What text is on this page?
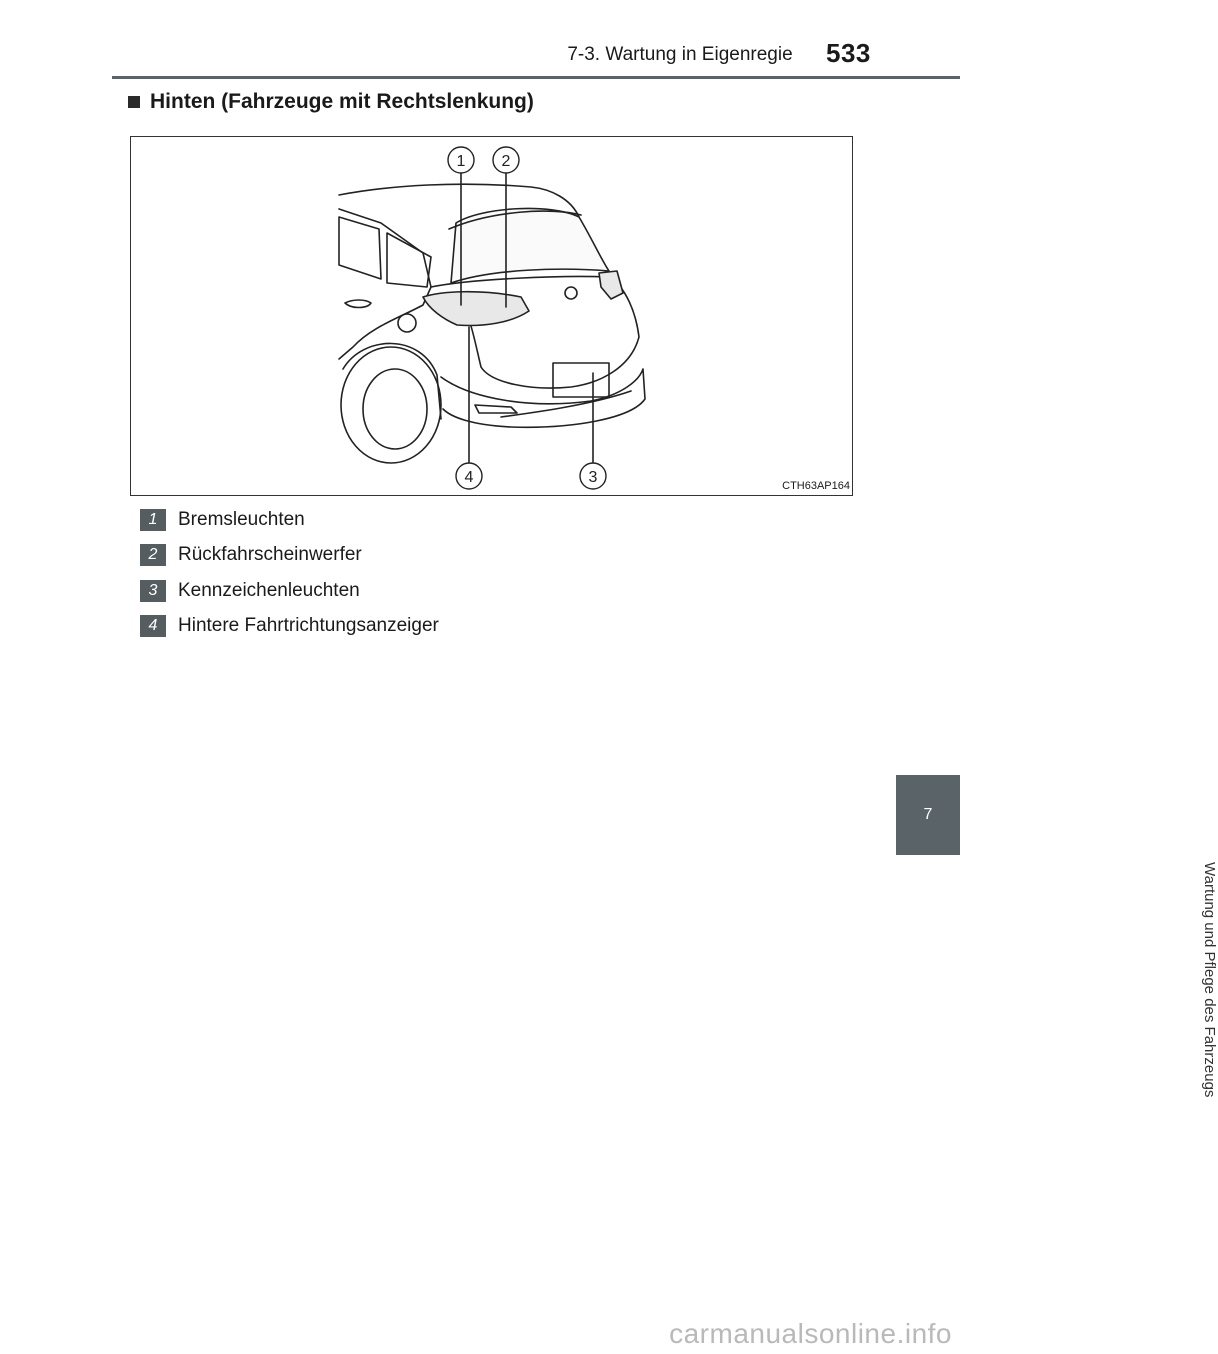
7-3. Wartung in Eigenregie 533
Hinten (Fahrzeuge mit Rechtslenkung)
1 2
3
4	CTH63AP164
1	Bremsleuchten
2	Rückfahrscheinwerfer
3	Kennzeichenleuchten
4	Hintere Fahrtrichtungsanzeiger
7
Wartung und Pflege des Fahrzeugs
carmanualsonline.info
